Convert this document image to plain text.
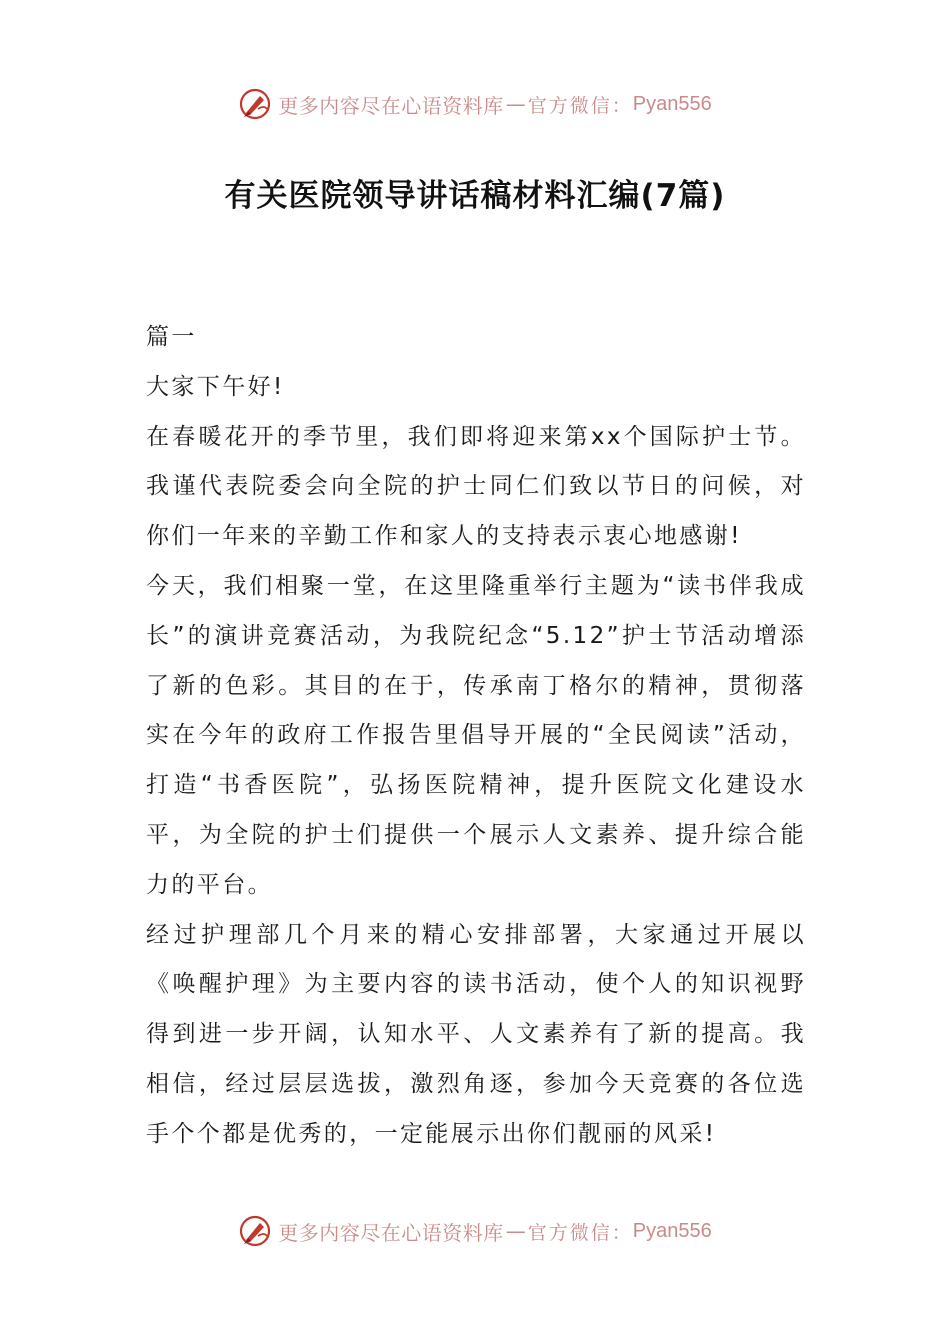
更多内容尽在心语资料库 — 官方微信： Pyan556
有关医院领导讲话稿材料汇编(7篇)

篇一

大家下午好!

在春暖花开的季节里，我们即将迎来第xx个国际护士节。我谨代表院委会向全院的护士同仁们致以节日的问候，对你们一年来的辛勤工作和家人的支持表示衷心地感谢!

今天，我们相聚一堂，在这里隆重举行主题为“读书伴我成长”的演讲竞赛活动，为我院纪念“5.12”护士节活动增添了新的色彩。其目的在于，传承南丁格尔的精神，贯彻落实在今年的政府工作报告里倡导开展的“全民阅读”活动，打造“书香医院”，弘扬医院精神，提升医院文化建设水平，为全院的护士们提供一个展示人文素养、提升综合能力的平台。

经过护理部几个月来的精心安排部署，大家通过开展以《唤醒护理》为主要内容的读书活动，使个人的知识视野得到进一步开阔，认知水平、人文素养有了新的提高。我相信，经过层层选拔，激烈角逐，参加今天竞赛的各位选手个个都是优秀的，一定能展示出你们靓丽的风采!

更多内容尽在心语资料库 — 官方微信： Pyan556
